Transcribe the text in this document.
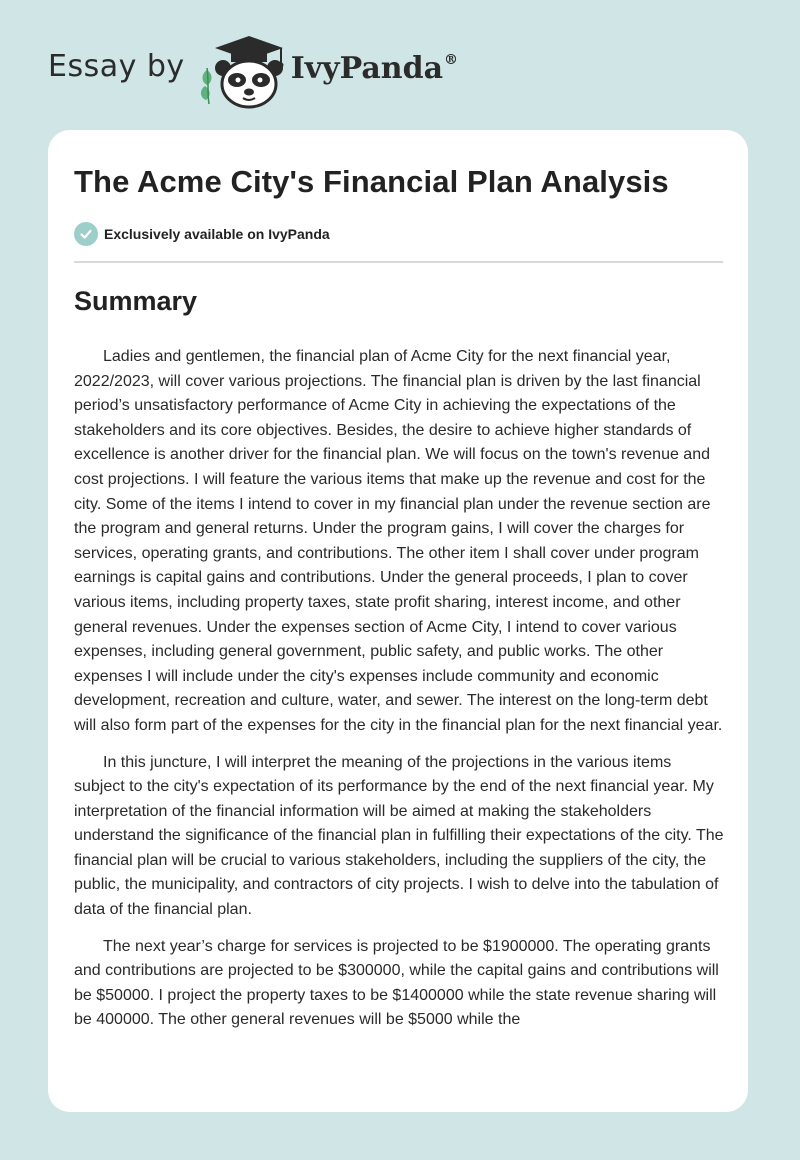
Essay by	IvyPanda®
The Acme City's Financial Plan Analysis
Exclusively available on IvyPanda
Summary

Ladies and gentlemen, the financial plan of Acme City for the next financial year, 2022/2023, will cover various projections. The financial plan is driven by the last financial period’s unsatisfactory performance of Acme City in achieving the expectations of the stakeholders and its core objectives. Besides, the desire to achieve higher standards of excellence is another driver for the financial plan. We will focus on the town's revenue and cost projections. I will feature the various items that make up the revenue and cost for the city. Some of the items I intend to cover in my financial plan under the revenue section are the program and general returns. Under the program gains, I will cover the charges for services, operating grants, and contributions. The other item I shall cover under program earnings is capital gains and contributions. Under the general proceeds, I plan to cover various items, including property taxes, state profit sharing, interest income, and other general revenues. Under the expenses section of Acme City, I intend to cover various expenses, including general government, public safety, and public works. The other expenses I will include under the city's expenses include community and economic development, recreation and culture, water, and sewer. The interest on the long-term debt will also form part of the expenses for the city in the financial plan for the next financial year.

In this juncture, I will interpret the meaning of the projections in the various items subject to the city's expectation of its performance by the end of the next financial year. My interpretation of the financial information will be aimed at making the stakeholders understand the significance of the financial plan in fulfilling their expectations of the city. The financial plan will be crucial to various stakeholders, including the suppliers of the city, the public, the municipality, and contractors of city projects. I wish to delve into the tabulation of data of the financial plan.

The next year’s charge for services is projected to be $1900000. The operating grants and contributions are projected to be $300000, while the capital gains and contributions will be $50000. I project the property taxes to be $1400000 while the state revenue sharing will be 400000. The other general revenues will be $5000 while the
